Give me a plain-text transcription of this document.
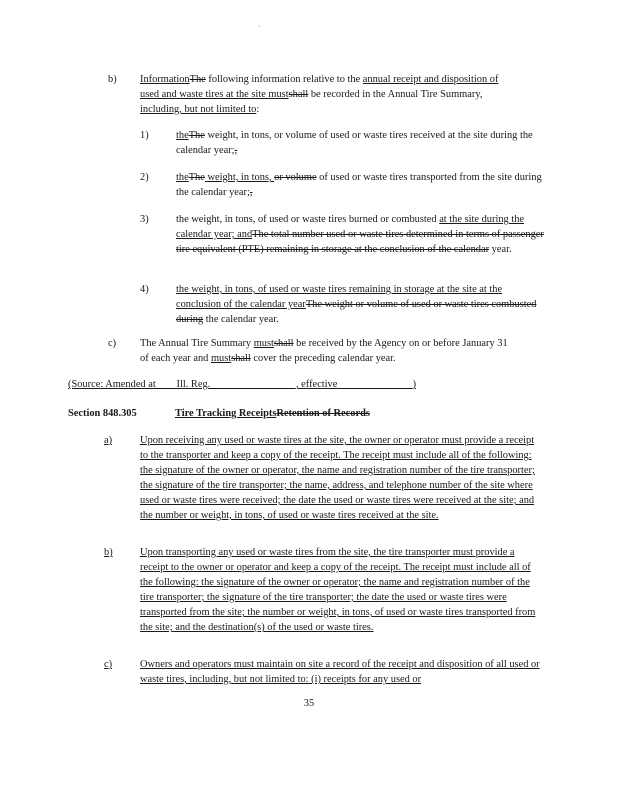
·
b) InformationThe following information relative to the annual receipt and disposition of used and waste tires at the site mustshall be recorded in the Annual Tire Summary, including, but not limited to:
1)	theThe weight, in tons, or volume of used or waste tires received at the site during the calendar year;,
2)	theThe weight, in tons, or volume of used or waste tires transported from the site during the calendar year;,
3)	the weight, in tons, of used or waste tires burned or combusted at the site during the calendar year; andThe total number used or waste tires determined in terms of passenger tire equivalent (PTE) remaining in storage at the conclusion of the calendar year.
4)	the weight, in tons, of used or waste tires remaining in storage at the site at the conclusion of the calendar yearThe weight or volume of used or waste tires combusted during the calendar year.
c) The Annual Tire Summary mustshall be received by the Agency on or before January 31 of each year and mustshall cover the preceding calendar year.
(Source: Amended at ___ Ill. Reg. ________________, effective ______________)
Section 848.305	Tire Tracking ReceiptsRetention of Records
a)	Upon receiving any used or waste tires at the site, the owner or operator must provide a receipt to the transporter and keep a copy of the receipt. The receipt must include all of the following: the signature of the owner or operator, the name and registration number of the tire transporter; the signature of the tire transporter; the name, address, and telephone number of the site where used or waste tires were received; the date the used or waste tires were received at the site; and the number or weight, in tons, of used or waste tires received at the site.
b)	Upon transporting any used or waste tires from the site, the tire transporter must provide a receipt to the owner or operator and keep a copy of the receipt. The receipt must include all of the following: the signature of the owner or operator; the name and registration number of the tire transporter; the signature of the tire transporter; the date the used or waste tires were transported from the site; the number or weight, in tons, of used or waste tires transported from the site; and the destination(s) of the used or waste tires.
c)	Owners and operators must maintain on site a record of the receipt and disposition of all used or waste tires, including, but not limited to: (i) receipts for any used or
35
